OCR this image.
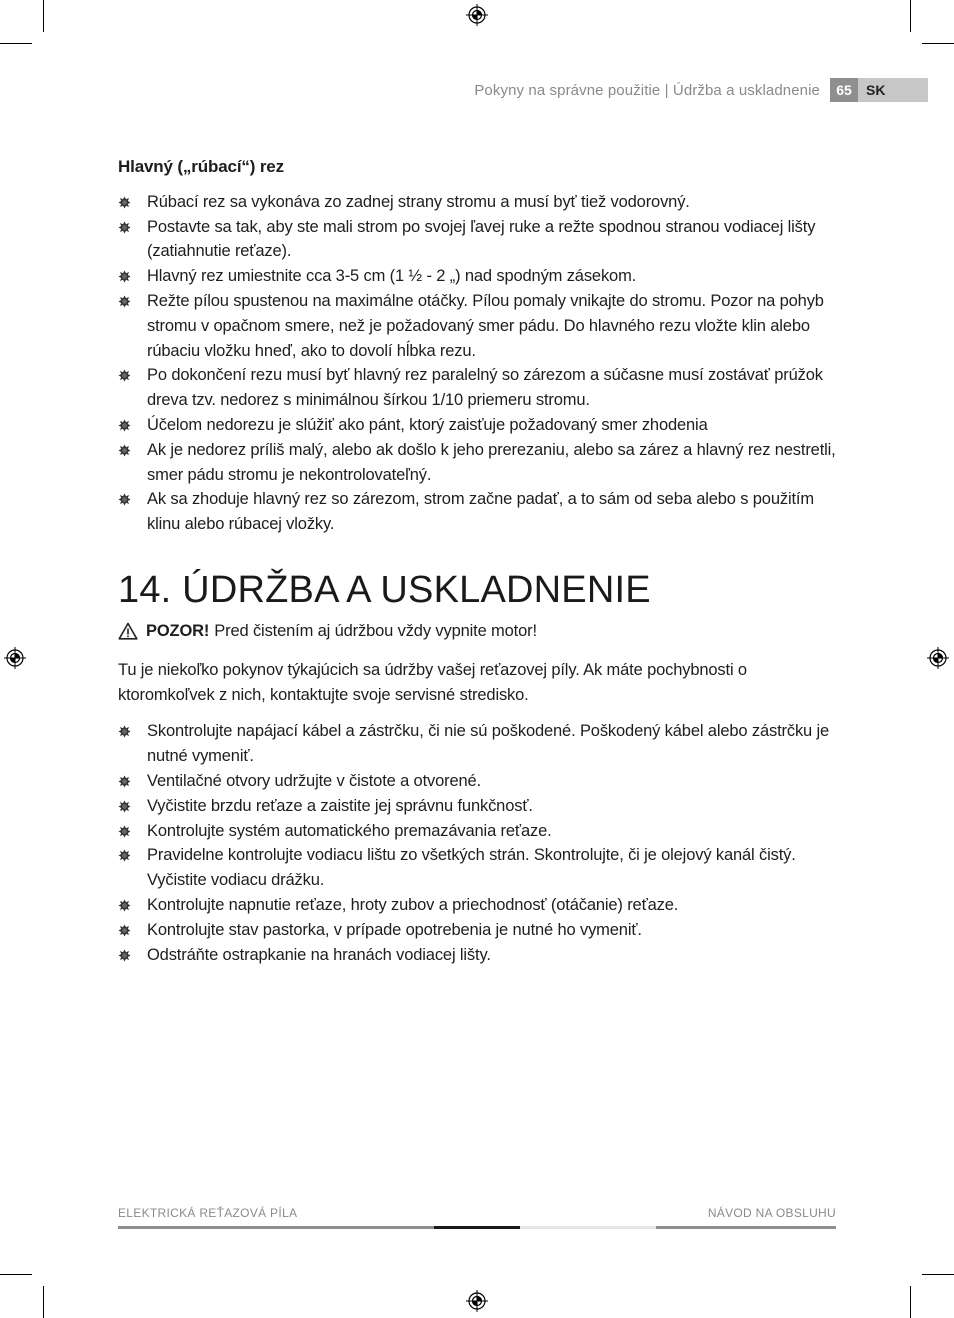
Pokyny na správne použitie | Údržba a uskladnenie	65	SK
Hlavný („rúbací“) rez
Rúbací rez sa vykonáva zo zadnej strany stromu a musí byť tiež vodorovný.
Postavte sa tak, aby ste mali strom po svojej ľavej ruke a režte spodnou stranou vodiacej lišty (zatiahnutie reťaze).
Hlavný rez umiestnite cca 3-5 cm (1 ½ - 2 „) nad spodným zásekom.
Režte pílou spustenou na maximálne otáčky. Pílou pomaly vnikajte do stromu. Pozor na pohyb stromu v opačnom smere, než je požadovaný smer pádu. Do hlavného rezu vložte klin alebo rúbaciu vložku hneď, ako to dovolí hĺbka rezu.
Po dokončení rezu musí byť hlavný rez paralelný so zárezom a súčasne musí zostávať prúžok dreva tzv. nedorez s minimálnou šírkou 1/10 priemeru stromu.
Účelom nedorezu je slúžiť ako pánt, ktorý zaisťuje požadovaný smer zhodenia
Ak je nedorez príliš malý, alebo ak došlo k jeho prerezaniu, alebo sa zárez a hlavný rez nestretli, smer pádu stromu je nekontrolovateľný.
Ak sa zhoduje hlavný rez so zárezom, strom začne padať, a to sám od seba alebo s použitím klinu alebo rúbacej vložky.
14. ÚDRŽBA A USKLADNENIE
POZOR! Pred čistením aj údržbou vždy vypnite motor!
Tu je niekoľko pokynov týkajúcich sa údržby vašej reťazovej píly. Ak máte pochybnosti o ktoromkoľvek z nich, kontaktujte svoje servisné stredisko.
Skontrolujte napájací kábel a zástrčku, či nie sú poškodené. Poškodený kábel alebo zástrčku je nutné vymeniť.
Ventilačné otvory udržujte v čistote a otvorené.
Vyčistite brzdu reťaze a zaistite jej správnu funkčnosť.
Kontrolujte systém automatického premazávania reťaze.
Pravidelne kontrolujte vodiacu lištu zo všetkých strán. Skontrolujte, či je olejový kanál čistý. Vyčistite vodiacu drážku.
Kontrolujte napnutie reťaze, hroty zubov a priechodnosť (otáčanie) reťaze.
Kontrolujte stav pastorka, v prípade opotrebenia je nutné ho vymeniť.
Odstráňte ostrapkanie na hranách vodiacej lišty.
ELEKTRICKÁ REŤAZOVÁ PÍLA	NÁVOD NA OBSLUHU
